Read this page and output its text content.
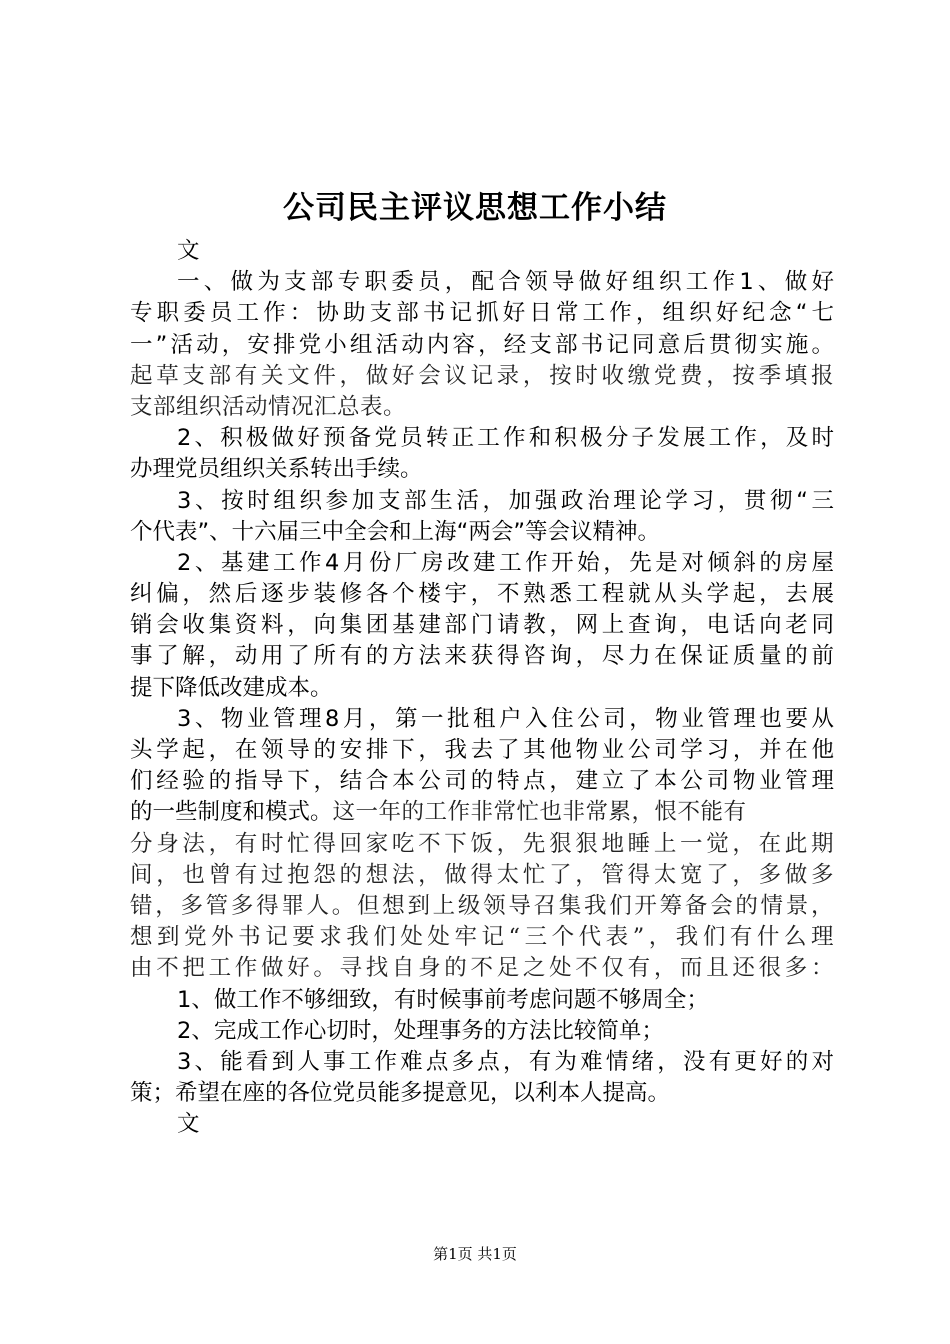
公司民主评议思想工作小结
文
一、做为支部专职委员，配合领导做好组织工作1、做好
专职委员工作：协助支部书记抓好日常工作，组织好纪念“七
一”活动，安排党小组活动内容，经支部书记同意后贯彻实施。
起草支部有关文件，做好会议记录，按时收缴党费，按季填报
支部组织活动情况汇总表。
2、积极做好预备党员转正工作和积极分子发展工作，及时
办理党员组织关系转出手续。
3、按时组织参加支部生活，加强政治理论学习，贯彻“三
个代表”、十六届三中全会和上海“两会”等会议精神。
2、基建工作4月份厂房改建工作开始，先是对倾斜的房屋
纠偏，然后逐步装修各个楼宇，不熟悉工程就从头学起，去展
销会收集资料，向集团基建部门请教，网上查询，电话向老同
事了解，动用了所有的方法来获得咨询，尽力在保证质量的前
提下降低改建成本。
3、物业管理8月，第一批租户入住公司，物业管理也要从
头学起，在领导的安排下，我去了其他物业公司学习，并在他
们经验的指导下，结合本公司的特点，建立了本公司物业管理
的一些制度和模式。这一年的工作非常忙也非常累，恨不能有
分身法，有时忙得回家吃不下饭，先狠狠地睡上一觉，在此期
间，也曾有过抱怨的想法，做得太忙了，管得太宽了，多做多
错，多管多得罪人。但想到上级领导召集我们开筹备会的情景，
想到党外书记要求我们处处牢记“三个代表”，我们有什么理
由不把工作做好。寻找自身的不足之处不仅有，而且还很多：
1、做工作不够细致，有时候事前考虑问题不够周全；
2、完成工作心切时，处理事务的方法比较简单；
3、能看到人事工作难点多点，有为难情绪，没有更好的对
策；希望在座的各位党员能多提意见，以利本人提高。
文
第1页 共1页
